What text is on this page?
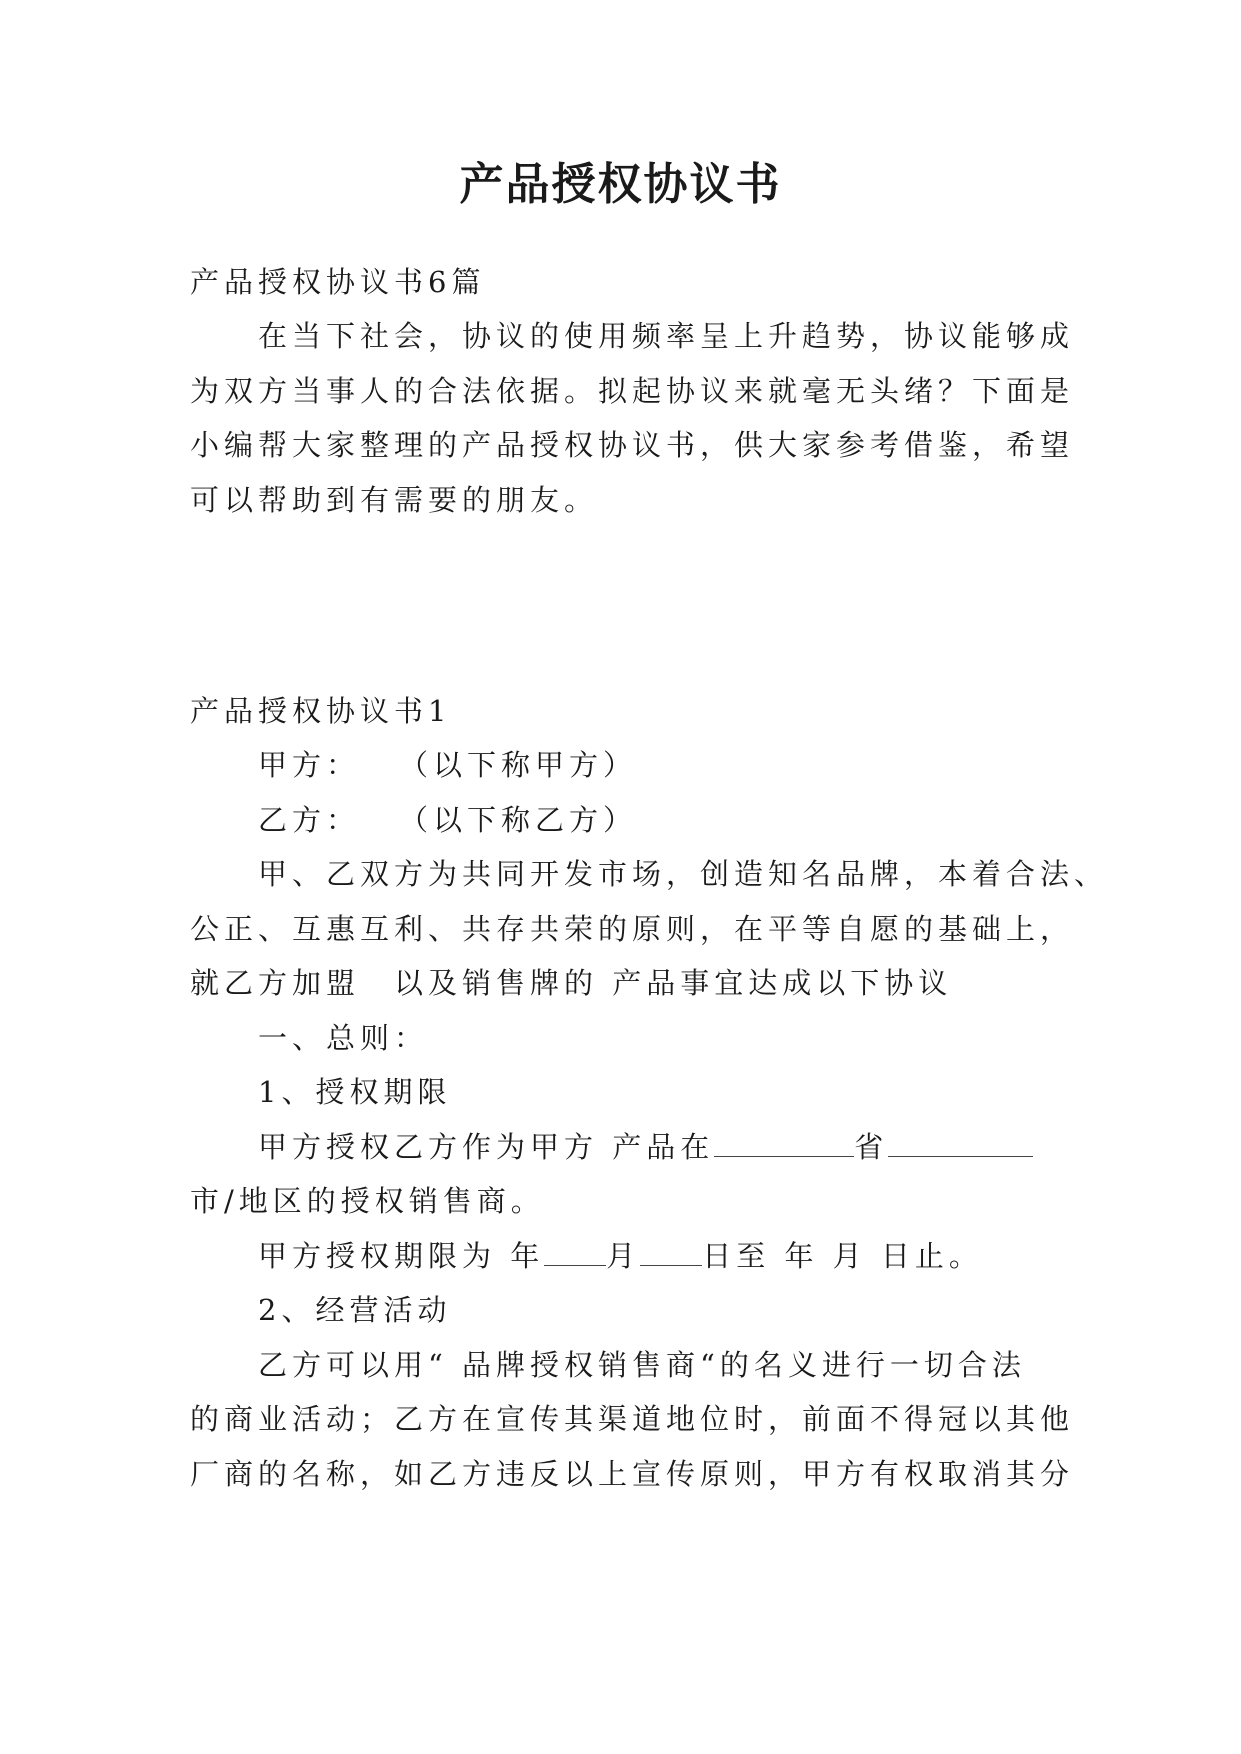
产品授权协议书
产品授权协议书6篇
在当下社会，协议的使用频率呈上升趋势，协议能够成
为双方当事人的合法依据。拟起协议来就毫无头绪？下面是
小编帮大家整理的产品授权协议书，供大家参考借鉴，希望
可以帮助到有需要的朋友。
产品授权协议书1
甲方：　　（以下称甲方）
乙方：　　（以下称乙方）
甲、乙双方为共同开发市场，创造知名品牌，本着合法、
公正、互惠互利、共存共荣的原则，在平等自愿的基础上，
就乙方加盟　以及销售牌的 产品事宜达成以下协议
一、总则：
1、授权期限
甲方授权乙方作为甲方 产品在	省
市/地区的授权销售商。
甲方授权期限为 年 月 日至 年 月 日止。
2、经营活动
乙方可以用“ 品牌授权销售商“的名义进行一切合法
的商业活动；乙方在宣传其渠道地位时，前面不得冠以其他
厂商的名称，如乙方违反以上宣传原则，甲方有权取消其分
